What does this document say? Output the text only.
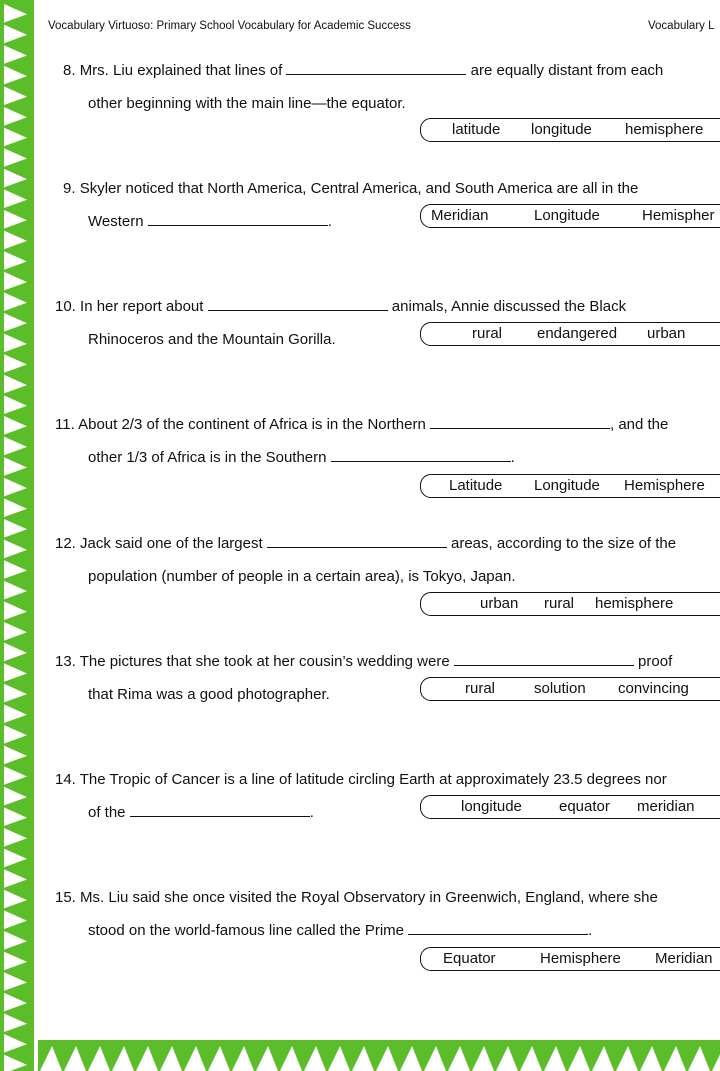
Vocabulary Virtuoso: Primary School Vocabulary for Academic Success	Vocabulary L
8. Mrs. Liu explained that lines of	are equally distant from each
other beginning with the main line—the equator.
latitude longitude hemisphere
9. Skyler noticed that North America, Central America, and South America are all in the
Western	.	Meridian	Longitude	Hemispher
10. In her report about	animals, Annie discussed the Black
Rhinoceros and the Mountain Gorilla.	rural endangered urban
11. About 2/3 of the continent of Africa is in the Northern	, and the
other 1/3 of Africa is in the Southern	.
Latitude Longitude Hemisphere
12. Jack said one of the largest	areas, according to the size of the
population (number of people in a certain area), is Tokyo, Japan.
urban rural hemisphere
13. The pictures that she took at her cousin’s wedding were	proof
that Rima was a good photographer.	rural	solution convincing
14. The Tropic of Cancer is a line of latitude circling Earth at approximately 23.5 degrees nor
of the	.	longitude equator meridian
15. Ms. Liu said she once visited the Royal Observatory in Greenwich, England, where she
stood on the world-famous line called the Prime	.
Equator	Hemisphere Meridian
